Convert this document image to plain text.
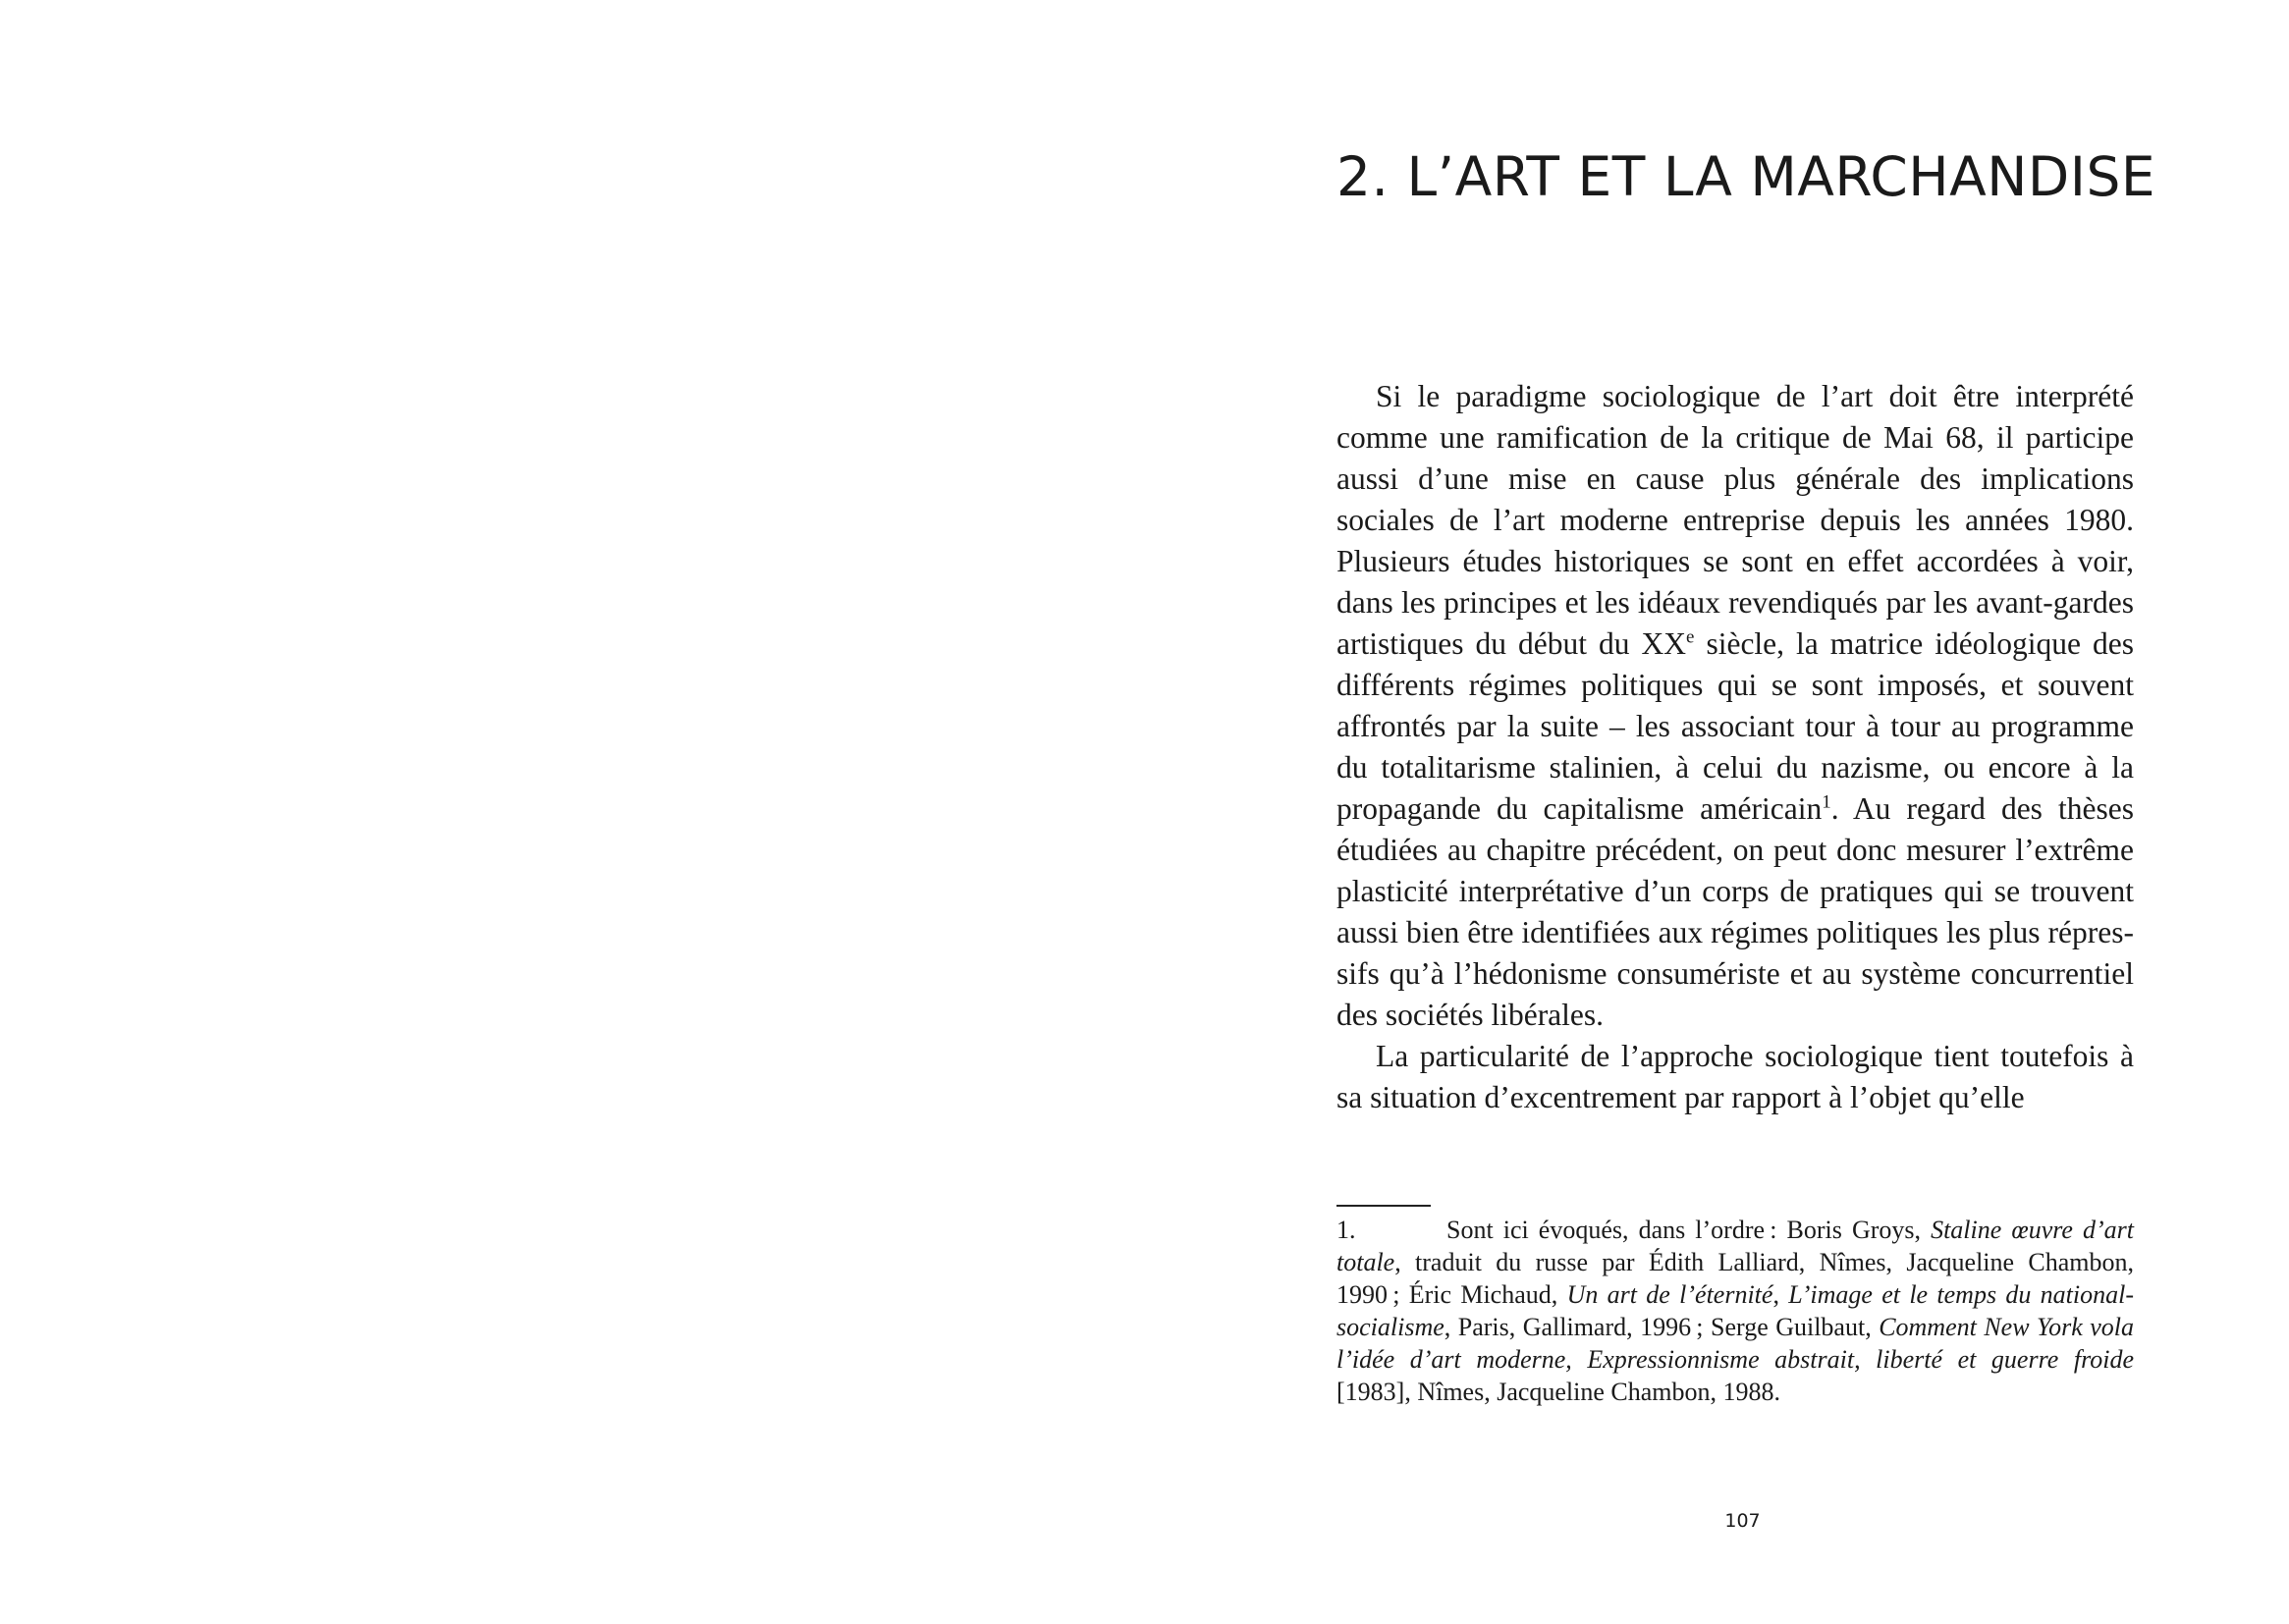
2. L’ART ET LA MARCHANDISE

Si le paradigme sociologique de l’art doit être interprété comme une ramification de la critique de Mai 68, il participe aussi d’une mise en cause plus générale des implications sociales de l’art moderne entreprise depuis les années 1980. Plusieurs études historiques se sont en effet accordées à voir, dans les principes et les idéaux revendiqués par les avant-gardes artistiques du début du XXe siècle, la matrice idéologique des différents régimes politiques qui se sont imposés, et souvent affrontés par la suite – les associant tour à tour au programme du totalitarisme stalinien, à celui du nazisme, ou encore à la propagande du capitalisme américain$^1$. Au regard des thèses étudiées au chapitre précédent, on peut donc mesurer l’extrême plasticité interprétative d’un corps de pratiques qui se trouvent aussi bien être identifiées aux régimes politiques les plus répressifs qu’à l’hédonisme consumériste et au système concurrentiel des sociétés libérales.

La particularité de l’approche sociologique tient toutefois à sa situation d’excentrement par rapport à l’objet qu’elle

1.	Sont ici évoqués, dans l’ordre : Boris Groys, Staline œuvre d’art totale, traduit du russe par Édith Lalliard, Nîmes, Jacqueline Chambon, 1990 ; Éric Michaud, Un art de l’éternité, L’image et le temps du national-socialisme, Paris, Gallimard, 1996 ; Serge Guilbaut, Comment New York vola l’idée d’art moderne, Expressionnisme abstrait, liberté et guerre froide [1983], Nîmes, Jacqueline Chambon, 1988.
107
